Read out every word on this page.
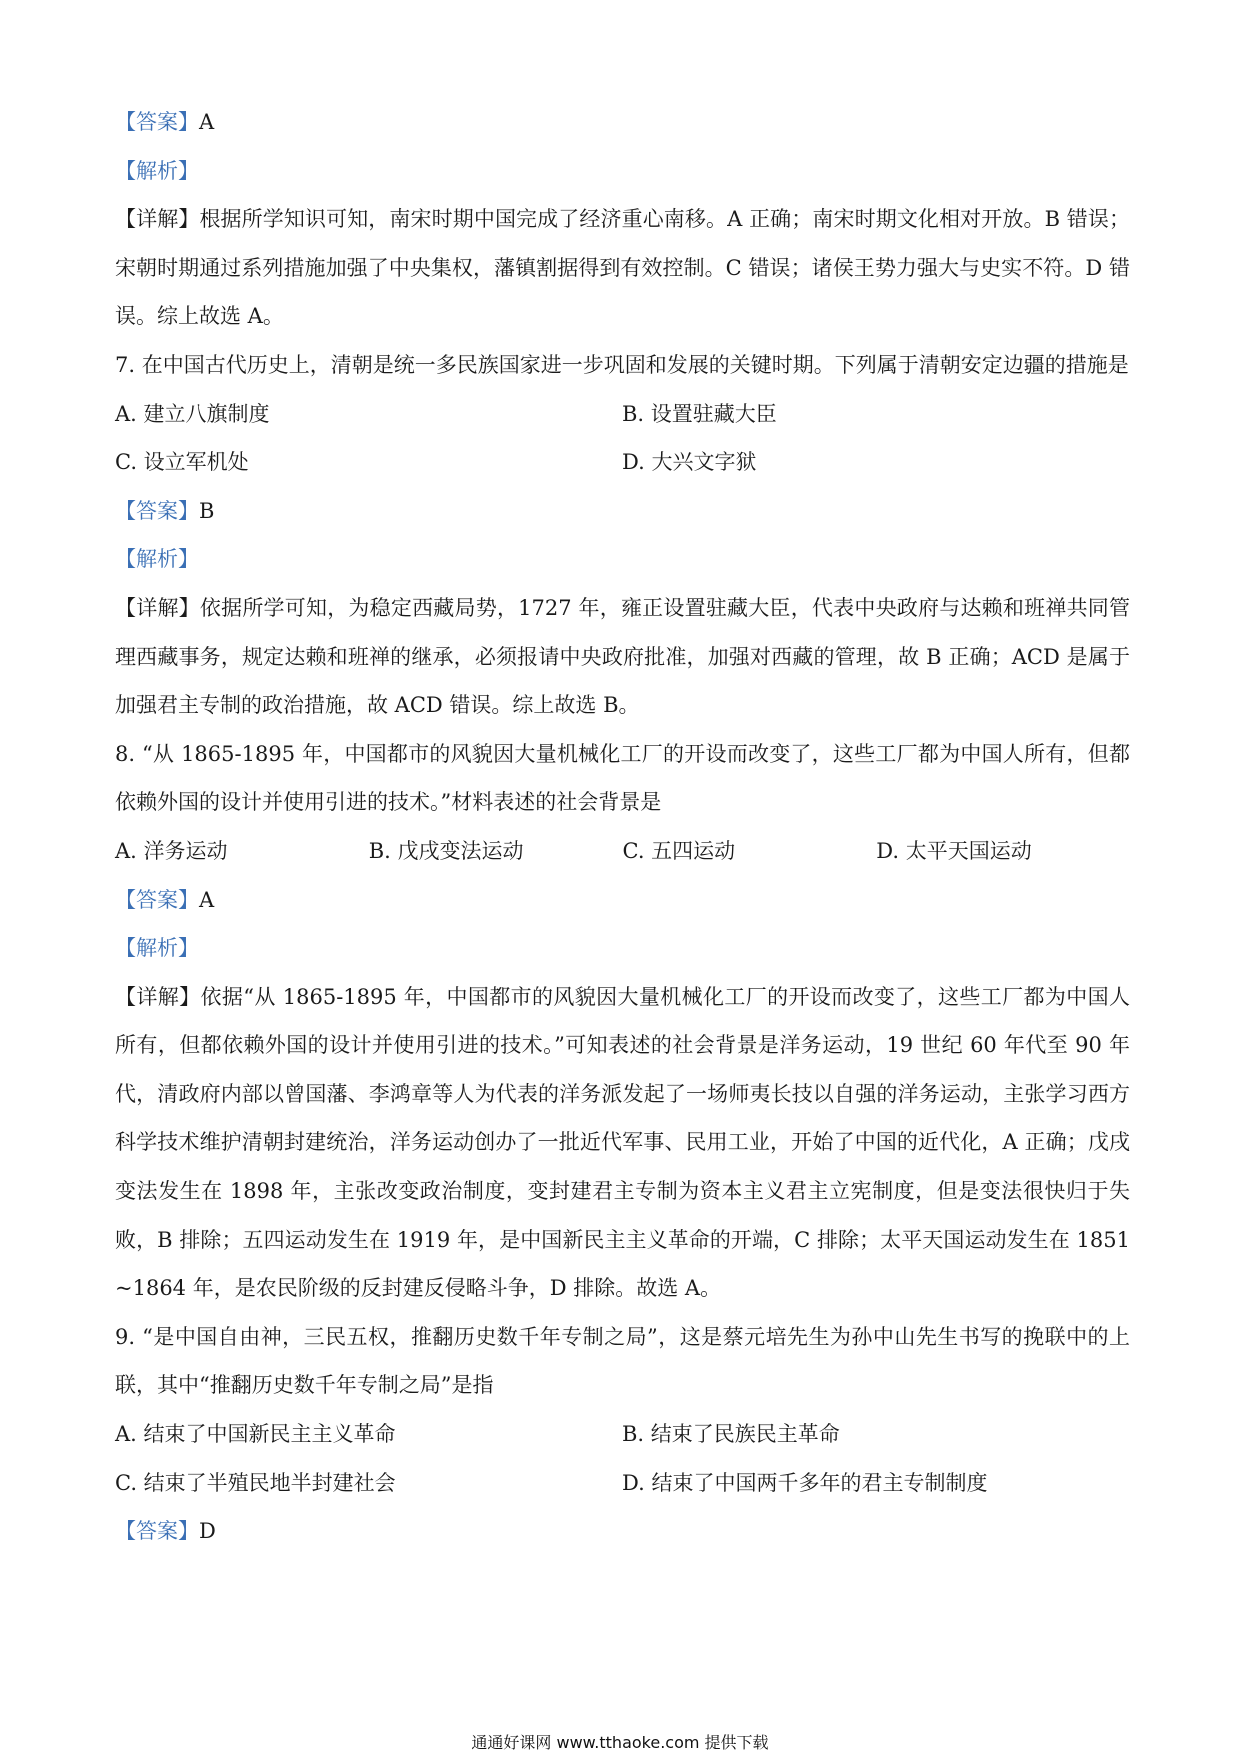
【答案】A
【解析】
【详解】根据所学知识可知，南宋时期中国完成了经济重心南移。A 正确；南宋时期文化相对开放。B 错误；宋朝时期通过系列措施加强了中央集权，藩镇割据得到有效控制。C 错误；诸侯王势力强大与史实不符。D 错误。综上故选 A。
7. 在中国古代历史上，清朝是统一多民族国家进一步巩固和发展的关键时期。下列属于清朝安定边疆的措施是
A. 建立八旗制度	B. 设置驻藏大臣
C. 设立军机处	D. 大兴文字狱
【答案】B
【解析】
【详解】依据所学可知，为稳定西藏局势，1727 年，雍正设置驻藏大臣，代表中央政府与达赖和班禅共同管理西藏事务，规定达赖和班禅的继承，必须报请中央政府批准，加强对西藏的管理，故 B 正确；ACD 是属于加强君主专制的政治措施，故 ACD 错误。综上故选 B。
8. “从 1865-1895 年，中国都市的风貌因大量机械化工厂的开设而改变了，这些工厂都为中国人所有，但都依赖外国的设计并使用引进的技术。”材料表述的社会背景是
A. 洋务运动	B. 戊戌变法运动	C. 五四运动	D. 太平天国运动
【答案】A
【解析】
【详解】依据“从 1865-1895 年，中国都市的风貌因大量机械化工厂的开设而改变了，这些工厂都为中国人所有，但都依赖外国的设计并使用引进的技术。”可知表述的社会背景是洋务运动，19 世纪 60 年代至 90 年代，清政府内部以曾国藩、李鸿章等人为代表的洋务派发起了一场师夷长技以自强的洋务运动，主张学习西方科学技术维护清朝封建统治，洋务运动创办了一批近代军事、民用工业，开始了中国的近代化，A 正确；戊戌变法发生在 1898 年，主张改变政治制度，变封建君主专制为资本主义君主立宪制度，但是变法很快归于失败，B 排除；五四运动发生在 1919 年，是中国新民主主义革命的开端，C 排除；太平天国运动发生在 1851~1864 年，是农民阶级的反封建反侵略斗争，D 排除。故选 A。
9. “是中国自由神，三民五权，推翻历史数千年专制之局”，这是蔡元培先生为孙中山先生书写的挽联中的上联，其中“推翻历史数千年专制之局”是指
A. 结束了中国新民主主义革命	B. 结束了民族民主革命
C. 结束了半殖民地半封建社会	D. 结束了中国两千多年的君主专制制度
【答案】D
通通好课网 www.tthaoke.com 提供下载
